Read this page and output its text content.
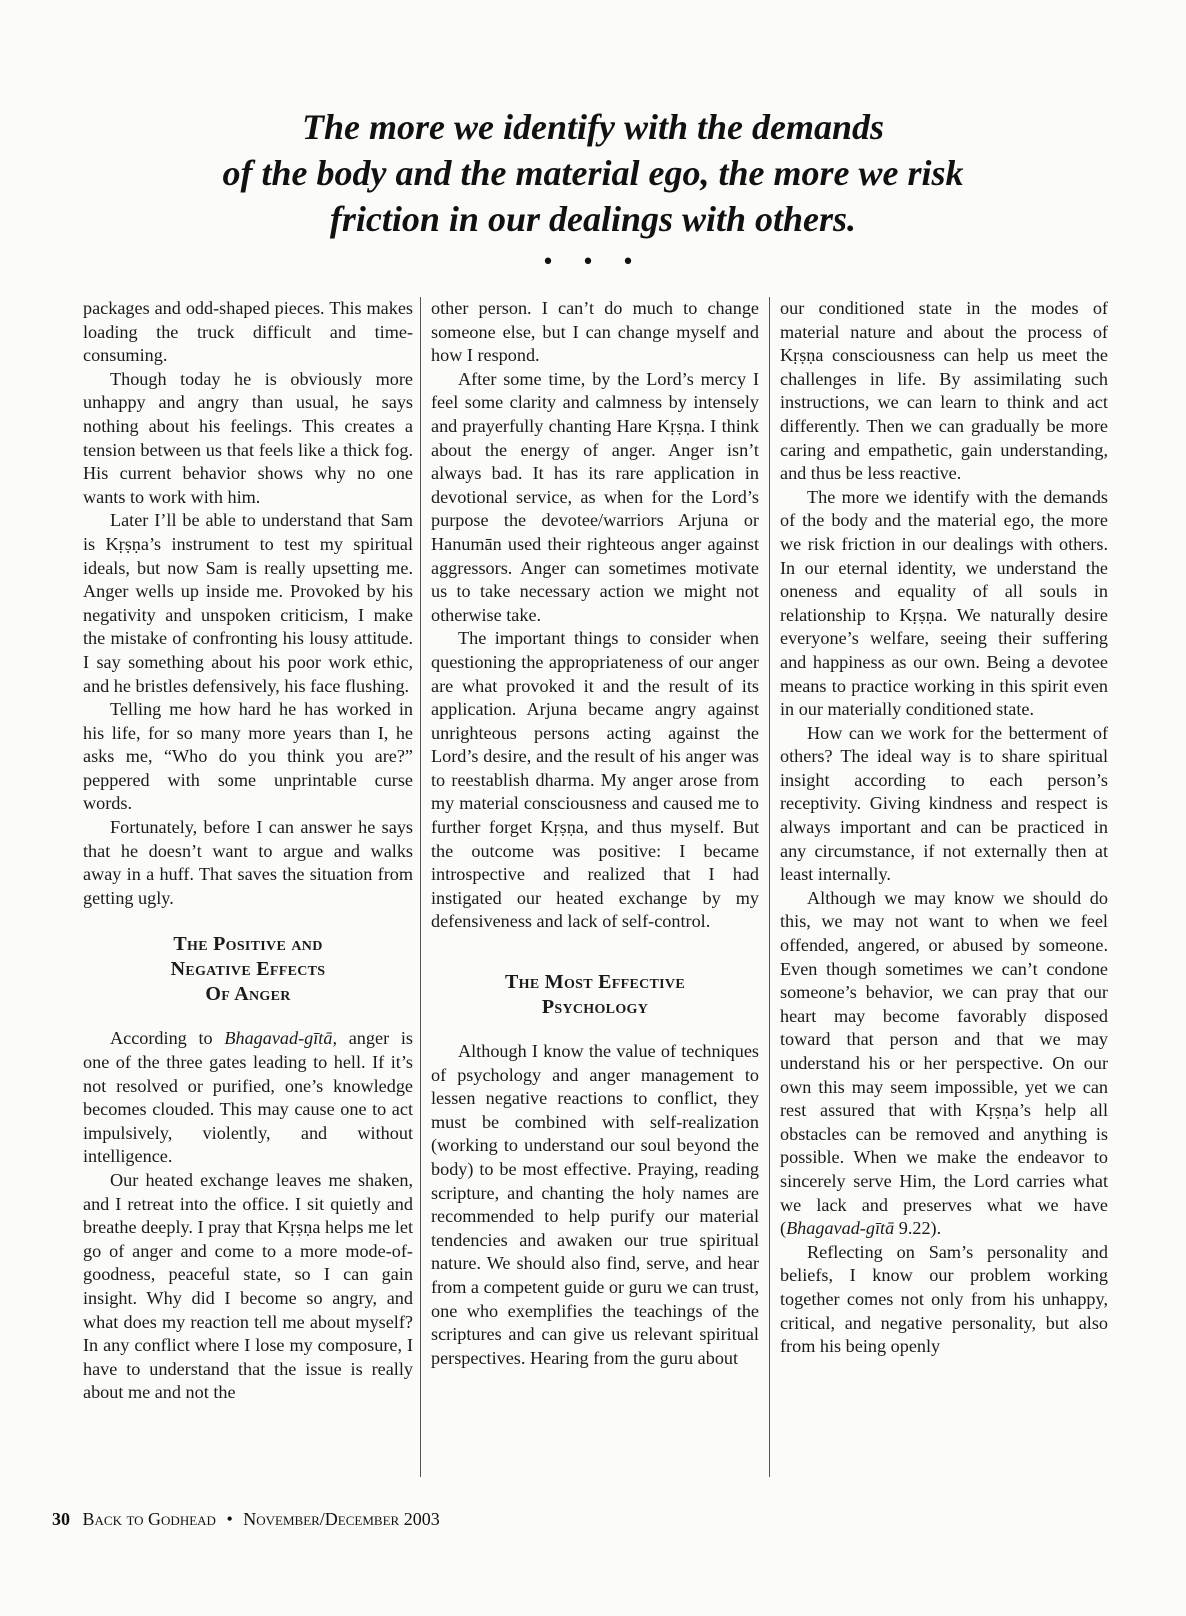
The more we identify with the demands
of the body and the material ego, the more we risk
friction in our dealings with others.
• • •

packages and odd-shaped pieces. This makes loading the truck difficult and time-consuming.

Though today he is obviously more unhappy and angry than usual, he says nothing about his feelings. This creates a tension between us that feels like a thick fog. His current behavior shows why no one wants to work with him.

Later I’ll be able to understand that Sam is Kṛṣṇa’s instrument to test my spiritual ideals, but now Sam is really upsetting me. Anger wells up inside me. Provoked by his negativity and unspoken criticism, I make the mistake of confronting his lousy attitude. I say something about his poor work ethic, and he bristles defensively, his face flushing.

Telling me how hard he has worked in his life, for so many more years than I, he asks me, “Who do you think you are?” peppered with some unprintable curse words.

Fortunately, before I can answer he says that he doesn’t want to argue and walks away in a huff. That saves the situation from getting ugly.

The Positive and
Negative Effects
Of Anger

According to Bhagavad-gītā, anger is one of the three gates leading to hell. If it’s not resolved or purified, one’s knowledge becomes clouded. This may cause one to act impulsively, violently, and without intelligence.

Our heated exchange leaves me shaken, and I retreat into the office. I sit quietly and breathe deeply. I pray that Kṛṣṇa helps me let go of anger and come to a more mode-of-goodness, peaceful state, so I can gain insight. Why did I become so angry, and what does my reaction tell me about myself? In any conflict where I lose my composure, I have to understand that the issue is really about me and not the

other person. I can’t do much to change someone else, but I can change myself and how I respond.

After some time, by the Lord’s mercy I feel some clarity and calmness by intensely and prayerfully chanting Hare Kṛṣṇa. I think about the energy of anger. Anger isn’t always bad. It has its rare application in devotional service, as when for the Lord’s purpose the devotee/warriors Arjuna or Hanumān used their righteous anger against aggressors. Anger can sometimes motivate us to take necessary action we might not otherwise take.

The important things to consider when questioning the appropriateness of our anger are what provoked it and the result of its application. Arjuna became angry against unrighteous persons acting against the Lord’s desire, and the result of his anger was to reestablish dharma. My anger arose from my material consciousness and caused me to further forget Kṛṣṇa, and thus myself. But the outcome was positive: I became introspective and realized that I had instigated our heated exchange by my defensiveness and lack of self-control.

The Most Effective
Psychology

Although I know the value of techniques of psychology and anger management to lessen negative reactions to conflict, they must be combined with self-realization (working to understand our soul beyond the body) to be most effective. Praying, reading scripture, and chanting the holy names are recommended to help purify our material tendencies and awaken our true spiritual nature. We should also find, serve, and hear from a competent guide or guru we can trust, one who exemplifies the teachings of the scriptures and can give us relevant spiritual perspectives. Hearing from the guru about

our conditioned state in the modes of material nature and about the process of Kṛṣṇa consciousness can help us meet the challenges in life. By assimilating such instructions, we can learn to think and act differently. Then we can gradually be more caring and empathetic, gain understanding, and thus be less reactive.

The more we identify with the demands of the body and the material ego, the more we risk friction in our dealings with others. In our eternal identity, we understand the oneness and equality of all souls in relationship to Kṛṣṇa. We naturally desire everyone’s welfare, seeing their suffering and happiness as our own. Being a devotee means to practice working in this spirit even in our materially conditioned state.

How can we work for the betterment of others? The ideal way is to share spiritual insight according to each person’s receptivity. Giving kindness and respect is always important and can be practiced in any circumstance, if not externally then at least internally.

Although we may know we should do this, we may not want to when we feel offended, angered, or abused by someone. Even though sometimes we can’t condone someone’s behavior, we can pray that our heart may become favorably disposed toward that person and that we may understand his or her perspective. On our own this may seem impossible, yet we can rest assured that with Kṛṣṇa’s help all obstacles can be removed and anything is possible. When we make the endeavor to sincerely serve Him, the Lord carries what we lack and preserves what we have (Bhagavad-gītā 9.22).

Reflecting on Sam’s personality and beliefs, I know our problem working together comes not only from his unhappy, critical, and negative personality, but also from his being openly

30 Back to Godhead • November/December 2003
